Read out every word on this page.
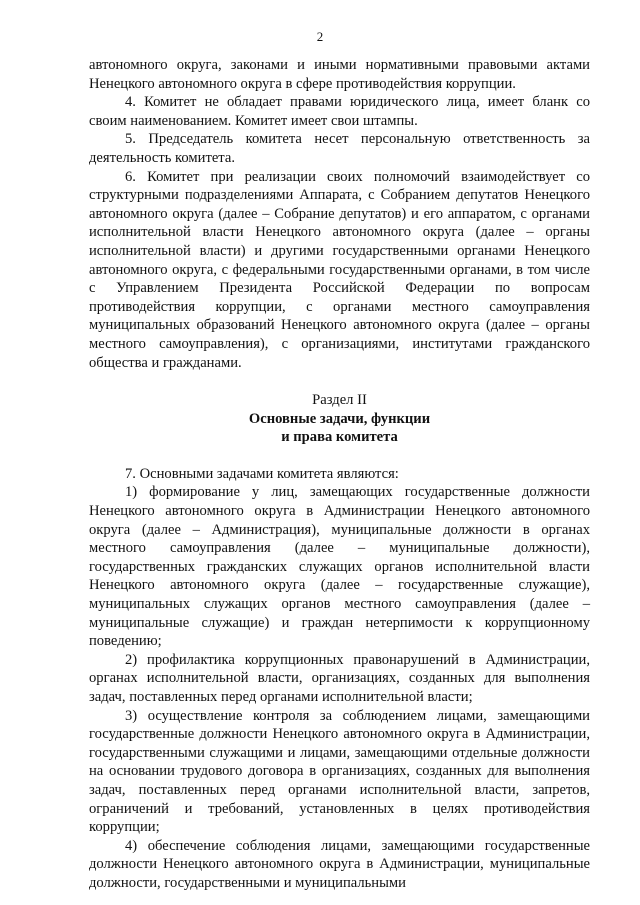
2

автономного округа, законами и иными нормативными правовыми актами Ненецкого автономного округа в сфере противодействия коррупции.

4. Комитет не обладает правами юридического лица, имеет бланк со своим наименованием. Комитет имеет свои штампы.

5. Председатель комитета несет персональную ответственность за деятельность комитета.

6. Комитет при реализации своих полномочий взаимодействует со структурными подразделениями Аппарата, с Собранием депутатов Ненецкого автономного округа (далее – Собрание депутатов) и его аппаратом, с органами исполнительной власти Ненецкого автономного округа (далее – органы исполнительной власти) и другими государственными органами Ненецкого автономного округа, с федеральными государственными органами, в том числе с Управлением Президента Российской Федерации по вопросам противодействия коррупции, с органами местного самоуправления муниципальных образований Ненецкого автономного округа (далее – органы местного самоуправления), с организациями, институтами гражданского общества и гражданами.

Раздел II
Основные задачи, функции
и права комитета

7. Основными задачами комитета являются:

1) формирование у лиц, замещающих государственные должности Ненецкого автономного округа в Администрации Ненецкого автономного округа (далее – Администрация), муниципальные должности в органах местного самоуправления (далее – муниципальные должности), государственных гражданских служащих органов исполнительной власти Ненецкого автономного округа (далее – государственные служащие), муниципальных служащих органов местного самоуправления (далее – муниципальные служащие) и граждан нетерпимости к коррупционному поведению;

2) профилактика коррупционных правонарушений в Администрации, органах исполнительной власти, организациях, созданных для выполнения задач, поставленных перед органами исполнительной власти;

3) осуществление контроля за соблюдением лицами, замещающими государственные должности Ненецкого автономного округа в Администрации, государственными служащими и лицами, замещающими отдельные должности на основании трудового договора в организациях, созданных для выполнения задач, поставленных перед органами исполнительной власти, запретов, ограничений и требований, установленных в целях противодействия коррупции;

4) обеспечение соблюдения лицами, замещающими государственные должности Ненецкого автономного округа в Администрации, муниципальные должности, государственными и муниципальными
